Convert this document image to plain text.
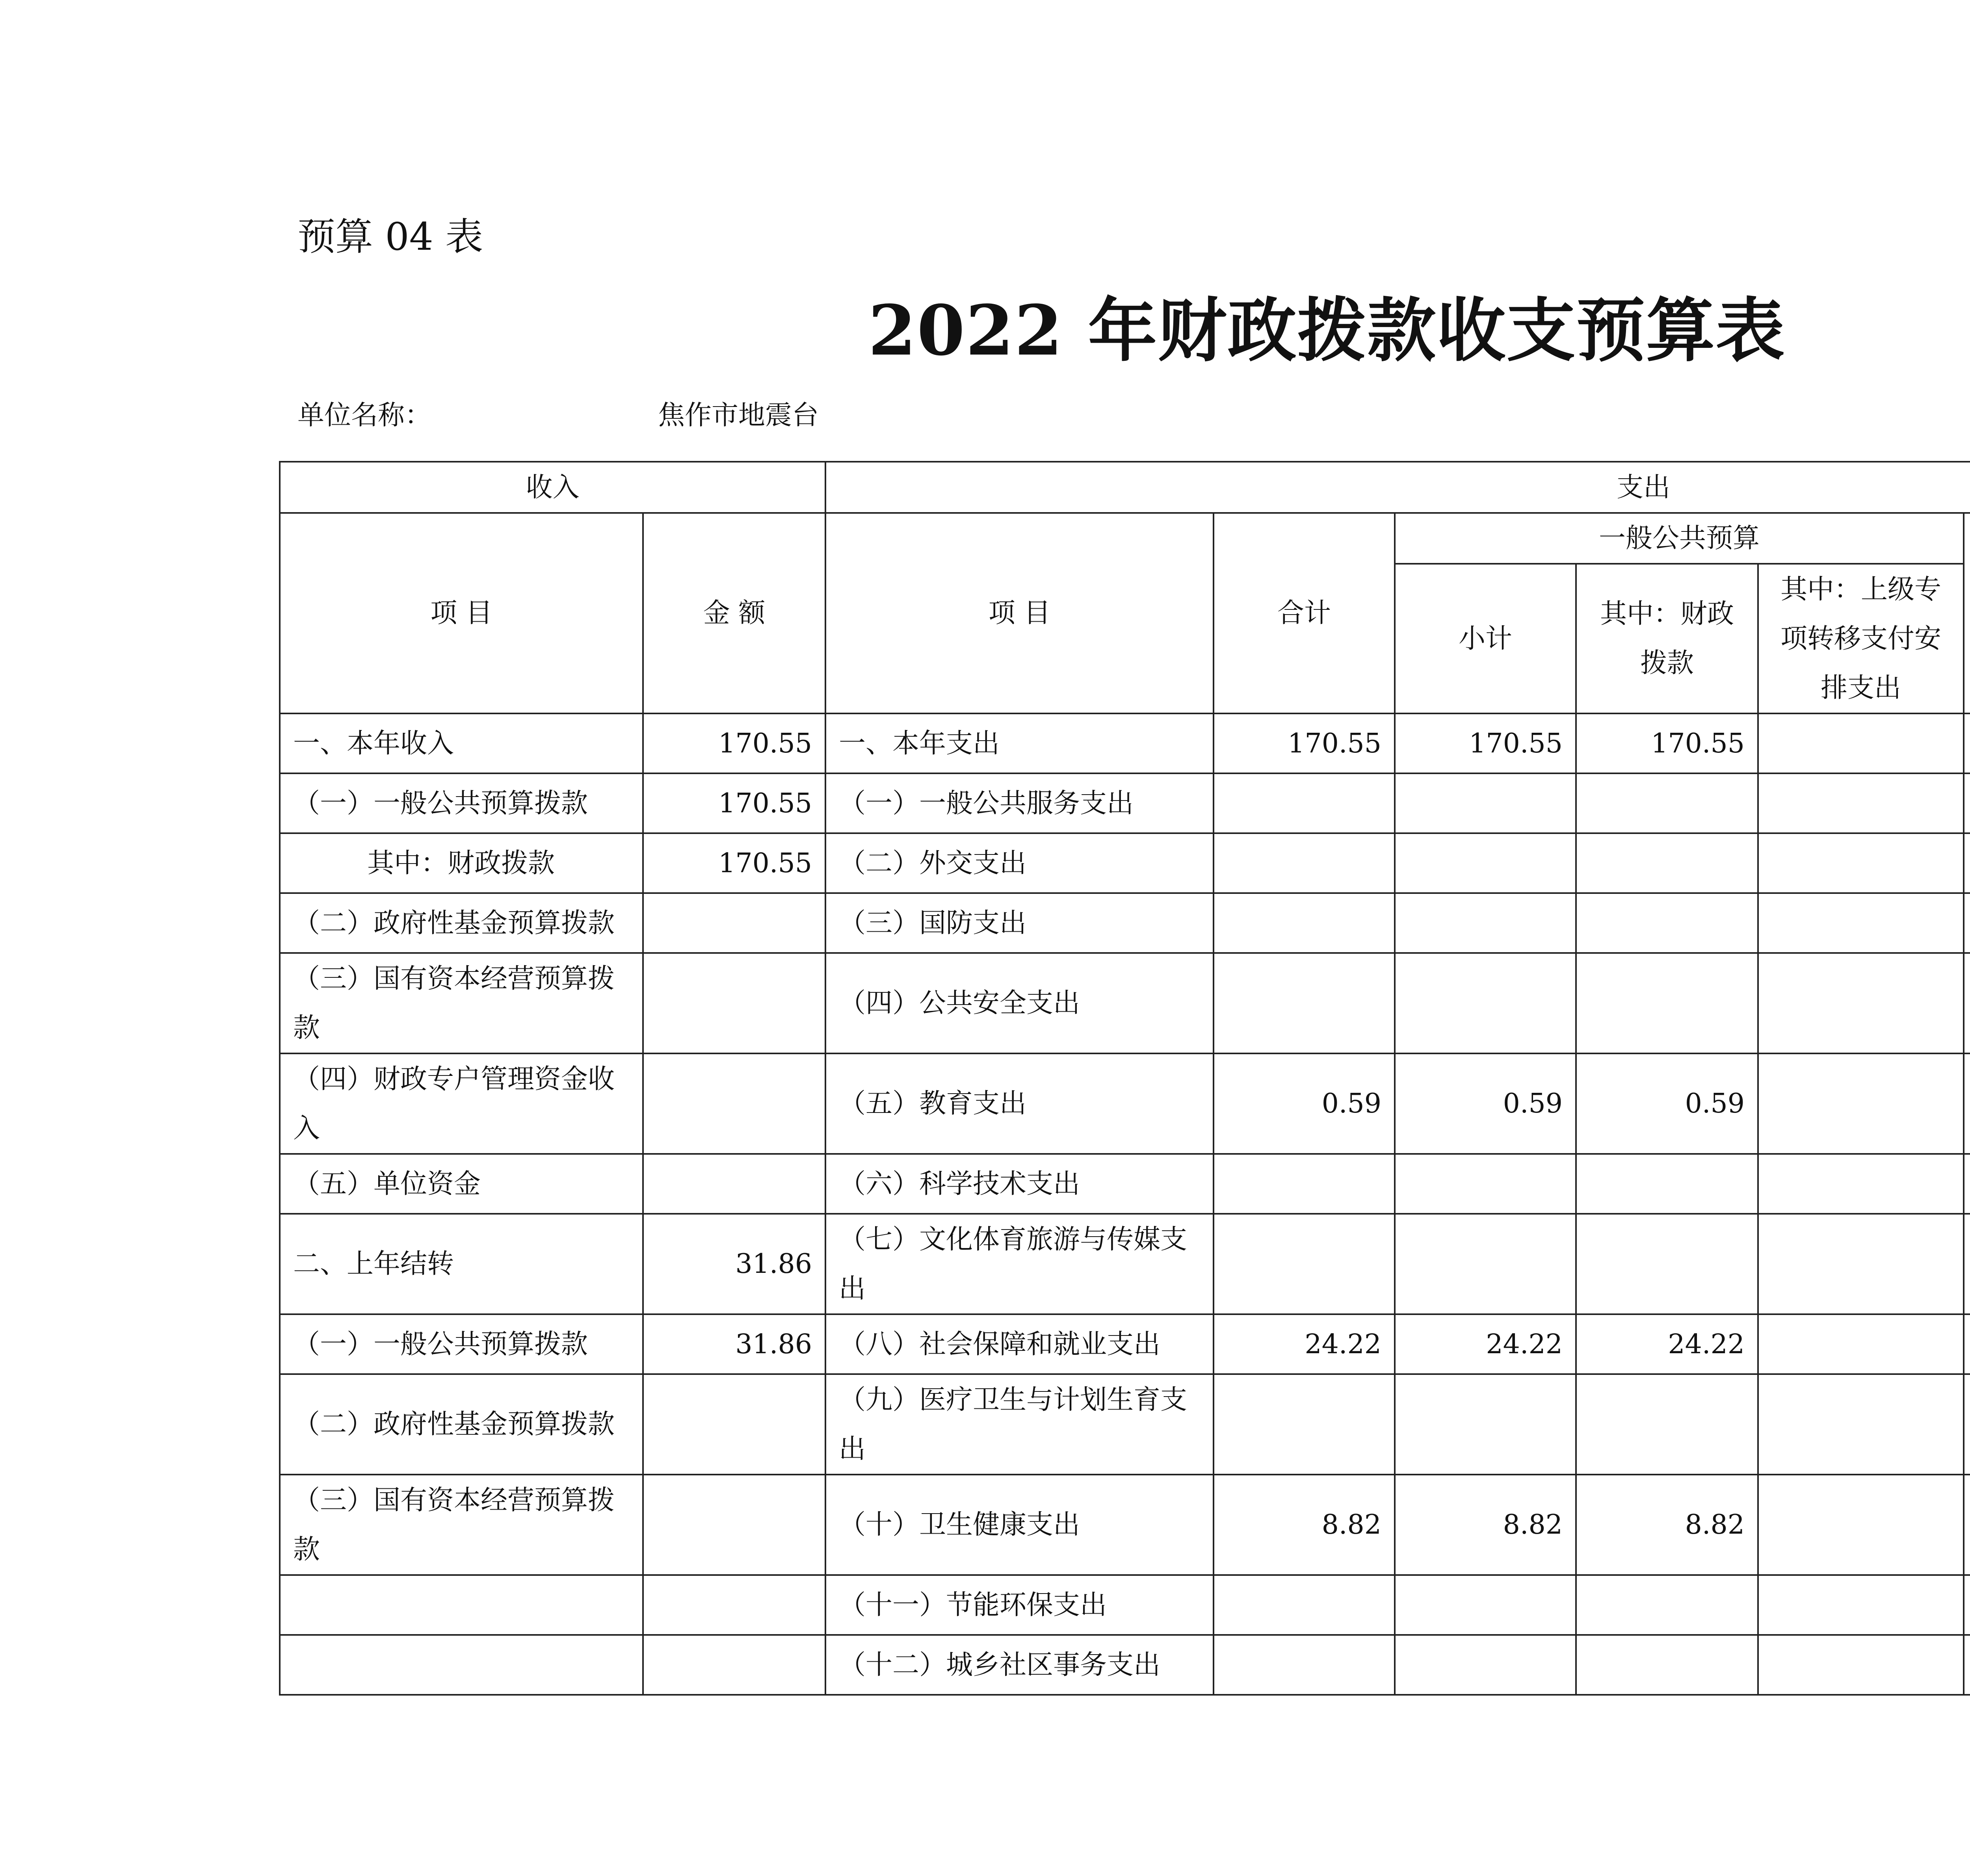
预算 04 表
2022 年财政拨款收支预算表
单位名称：	焦作市地震台
收入		支出								
项 目	金 额	项 目	合计	一般公共预算				
				小计	其中：财政拨款	其中：上级专项转移支付安排支出				
一、本年收入	170.55	一、本年支出	170.55	170.55	170.55					
（一）一般公共预算拨款	170.55	（一）一般公共服务支出								
其中：财政拨款	170.55	（二）外交支出								
（二）政府性基金预算拨款		（三）国防支出								
（三）国有资本经营预算拨款		（四）公共安全支出								
（四）财政专户管理资金收入		（五）教育支出	0.59	0.59	0.59					
（五）单位资金		（六）科学技术支出								
二、上年结转	31.86	（七）文化体育旅游与传媒支出								
（一）一般公共预算拨款	31.86	（八）社会保障和就业支出	24.22	24.22	24.22					
（二）政府性基金预算拨款		（九）医疗卫生与计划生育支出								
（三）国有资本经营预算拨款		（十）卫生健康支出	8.82	8.82	8.82					
		（十一）节能环保支出								
		（十二）城乡社区事务支出								
